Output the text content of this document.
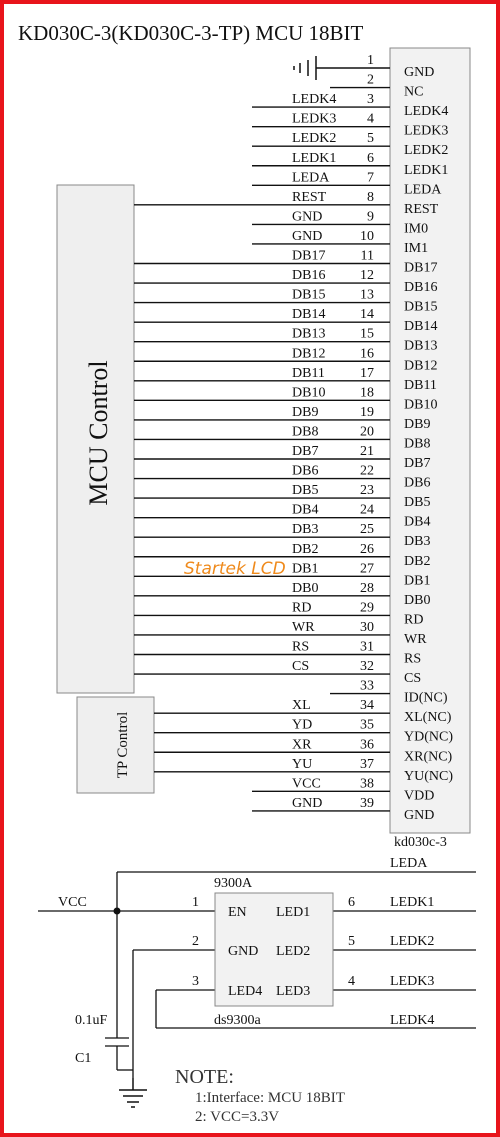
KD030C-3(KD030C-3-TP) MCU 18BIT
kd030c-3
MCU Control
TP Control
1
GND
2
NC
3
LEDK4
LEDK4
4
LEDK3
LEDK3
5
LEDK2
LEDK2
6
LEDK1
LEDK1
7
LEDA
LEDA
8
REST
REST
9
IM0
GND
10
IM1
GND
11
DB17
DB17
12
DB16
DB16
13
DB15
DB15
14
DB14
DB14
15
DB13
DB13
16
DB12
DB12
17
DB11
DB11
18
DB10
DB10
19
DB9
DB9
20
DB8
DB8
21
DB7
DB7
22
DB6
DB6
23
DB5
DB5
24
DB4
DB4
25
DB3
DB3
26
DB2
DB2
27
DB1
DB1
28
DB0
DB0
29
RD
RD
30
WR
WR
31
RS
RS
32
CS
CS
33
ID(NC)
34
XL(NC)
XL
35
YD(NC)
YD
36
XR(NC)
XR
37
YU(NC)
YU
38
VDD
VCC
39
GND
GND
Startek LCD
9300A
ds9300a
1
EN
2
GND
3
LED4
6
LED1
LEDK1
5
LED2
LEDK2
4
LED3
LEDK3
LEDA
LEDK4
VCC
0.1uF
C1
NOTE:
1:Interface: MCU 18BIT
2: VCC=3.3V
